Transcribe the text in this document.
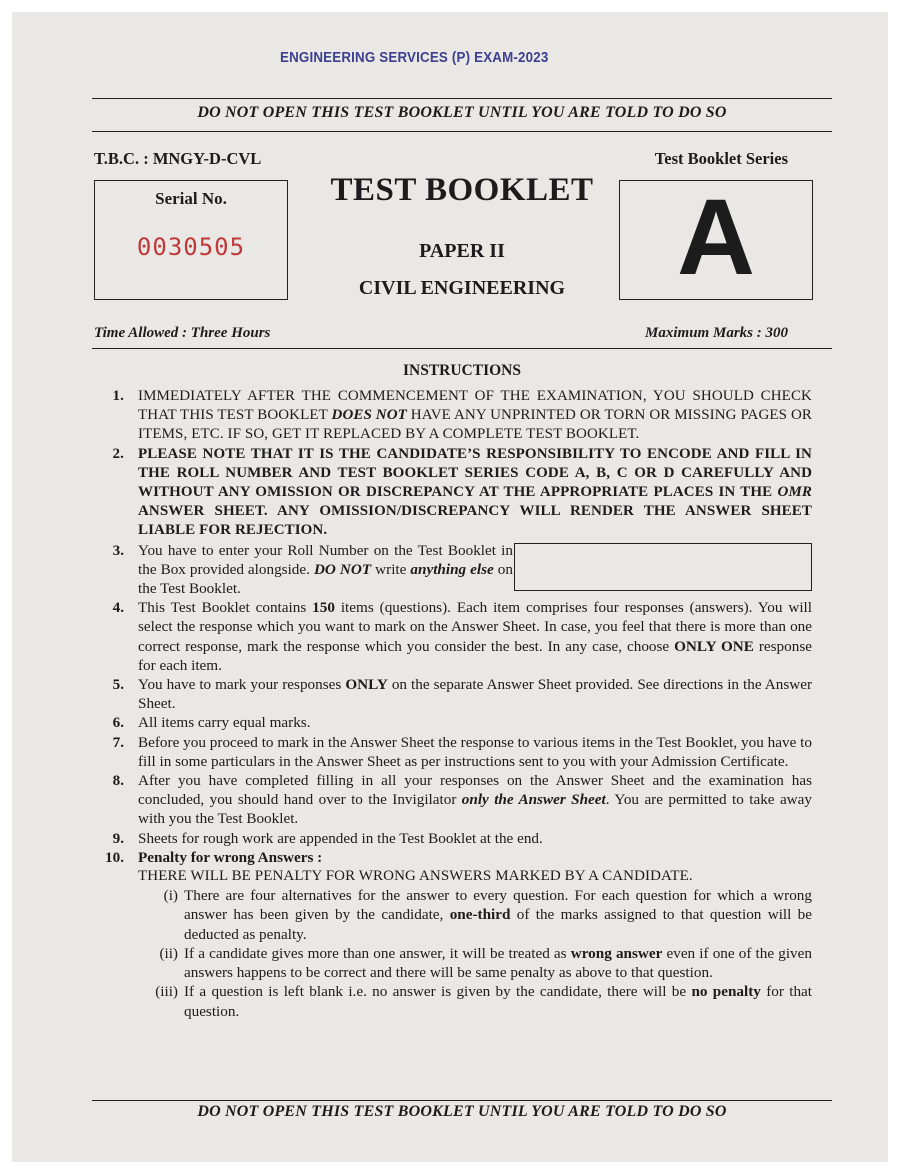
ENGINEERING SERVICES (P) EXAM-2023
DO NOT OPEN THIS TEST BOOKLET UNTIL YOU ARE TOLD TO DO SO
T.B.C. : MNGY-D-CVL	Test Booklet Series
Serial No.
0030505
TEST BOOKLET
PAPER II
CIVIL ENGINEERING	A
Time Allowed : Three Hours	Maximum Marks : 300
INSTRUCTIONS
1. IMMEDIATELY AFTER THE COMMENCEMENT OF THE EXAMINATION, YOU SHOULD CHECK THAT THIS TEST BOOKLET DOES NOT HAVE ANY UNPRINTED OR TORN OR MISSING PAGES OR ITEMS, ETC. IF SO, GET IT REPLACED BY A COMPLETE TEST BOOKLET.
2. PLEASE NOTE THAT IT IS THE CANDIDATE’S RESPONSIBILITY TO ENCODE AND FILL IN THE ROLL NUMBER AND TEST BOOKLET SERIES CODE A, B, C OR D CAREFULLY AND WITHOUT ANY OMISSION OR DISCREPANCY AT THE APPROPRIATE PLACES IN THE OMR ANSWER SHEET. ANY OMISSION/DISCREPANCY WILL RENDER THE ANSWER SHEET LIABLE FOR REJECTION.
3. You have to enter your Roll Number on the Test Booklet in the Box provided alongside. DO NOT write anything else on the Test Booklet.
4. This Test Booklet contains 150 items (questions). Each item comprises four responses (answers). You will select the response which you want to mark on the Answer Sheet. In case, you feel that there is more than one correct response, mark the response which you consider the best. In any case, choose ONLY ONE response for each item.
5. You have to mark your responses ONLY on the separate Answer Sheet provided. See directions in the Answer Sheet.
6. All items carry equal marks.
7. Before you proceed to mark in the Answer Sheet the response to various items in the Test Booklet, you have to fill in some particulars in the Answer Sheet as per instructions sent to you with your Admission Certificate.
8. After you have completed filling in all your responses on the Answer Sheet and the examination has concluded, you should hand over to the Invigilator only the Answer Sheet. You are permitted to take away with you the Test Booklet.
9. Sheets for rough work are appended in the Test Booklet at the end.
10. Penalty for wrong Answers :
THERE WILL BE PENALTY FOR WRONG ANSWERS MARKED BY A CANDIDATE.
(i) There are four alternatives for the answer to every question. For each question for which a wrong answer has been given by the candidate, one-third of the marks assigned to that question will be deducted as penalty.
(ii) If a candidate gives more than one answer, it will be treated as wrong answer even if one of the given answers happens to be correct and there will be same penalty as above to that question.
(iii) If a question is left blank i.e. no answer is given by the candidate, there will be no penalty for that question.
DO NOT OPEN THIS TEST BOOKLET UNTIL YOU ARE TOLD TO DO SO
